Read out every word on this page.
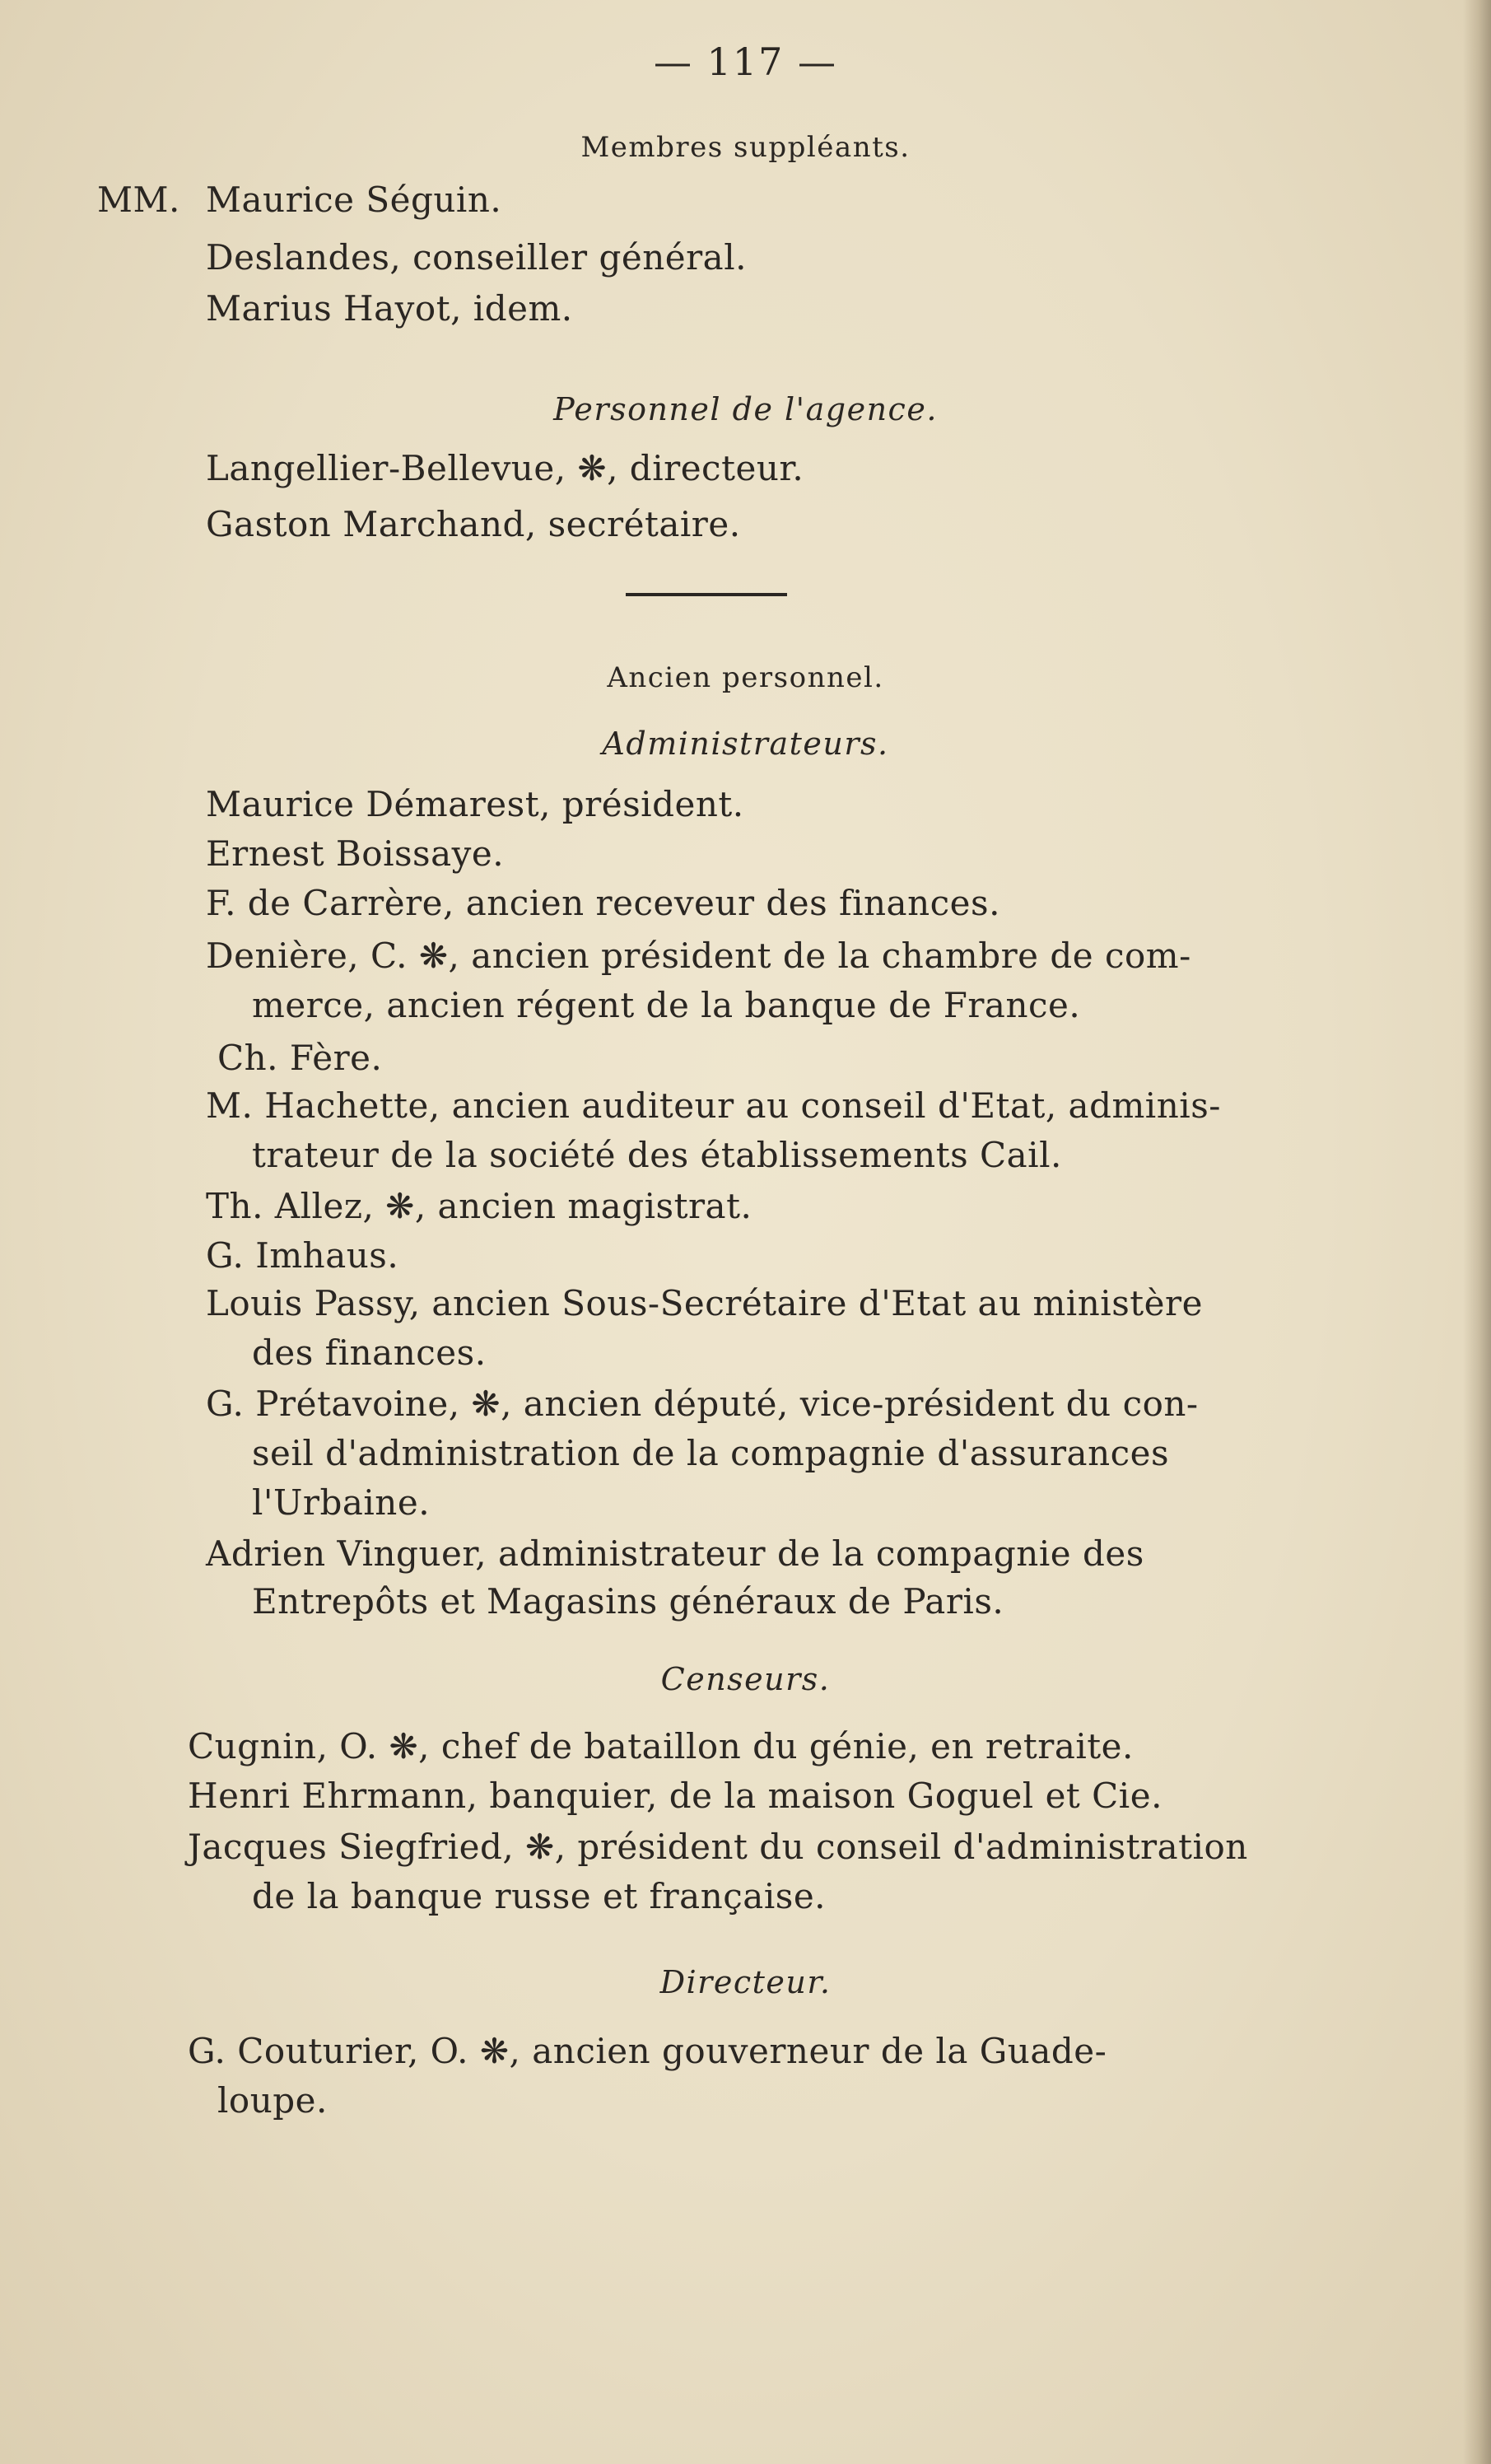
— 117 —
Membres suppléants.
MM. Maurice Séguin.
Deslandes, conseiller général.
Marius Hayot, idem.
Personnel de l'agence.
Langellier-Bellevue, ❋, directeur.
Gaston Marchand, secrétaire.
Ancien personnel.
Administrateurs.
Maurice Démarest, président.
Ernest Boissaye.
F. de Carrère, ancien receveur des finances.
Denière, C. ❋, ancien président de la chambre de com-
merce, ancien régent de la banque de France.
Ch. Fère.
M. Hachette, ancien auditeur au conseil d'Etat, adminis-
trateur de la société des établissements Cail.
Th. Allez, ❋, ancien magistrat.
G. Imhaus.
Louis Passy, ancien Sous-Secrétaire d'Etat au ministère
des finances.
G. Prétavoine, ❋, ancien député, vice-président du con-
seil d'administration de la compagnie d'assurances
l'Urbaine.
Adrien Vinguer, administrateur de la compagnie des
Entrepôts et Magasins généraux de Paris.
Censeurs.
Cugnin, O. ❋, chef de bataillon du génie, en retraite.
Henri Ehrmann, banquier, de la maison Goguel et Cie.
Jacques Siegfried, ❋, président du conseil d'administration
de la banque russe et française.
Directeur.
G. Couturier, O. ❋, ancien gouverneur de la Guade-
loupe.
